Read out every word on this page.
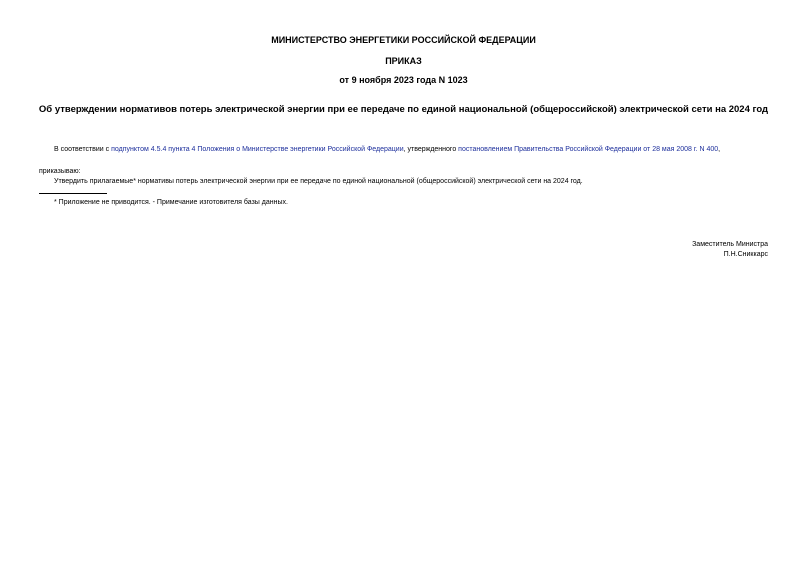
МИНИСТЕРСТВО ЭНЕРГЕТИКИ РОССИЙСКОЙ ФЕДЕРАЦИИ
ПРИКАЗ
от 9 ноября 2023 года N 1023
Об утверждении нормативов потерь электрической энергии при ее передаче по единой национальной (общероссийской) электрической сети на 2024 год
В соответствии с подпунктом 4.5.4 пункта 4 Положения о Министерстве энергетики Российской Федерации, утвержденного постановлением Правительства Российской Федерации от 28 мая 2008 г. N 400,
приказываю:
Утвердить прилагаемые* нормативы потерь электрической энергии при ее передаче по единой национальной (общероссийской) электрической сети на 2024 год.
* Приложение не приводится. - Примечание изготовителя базы данных.
Заместитель Министра
П.Н.Сниккарс
